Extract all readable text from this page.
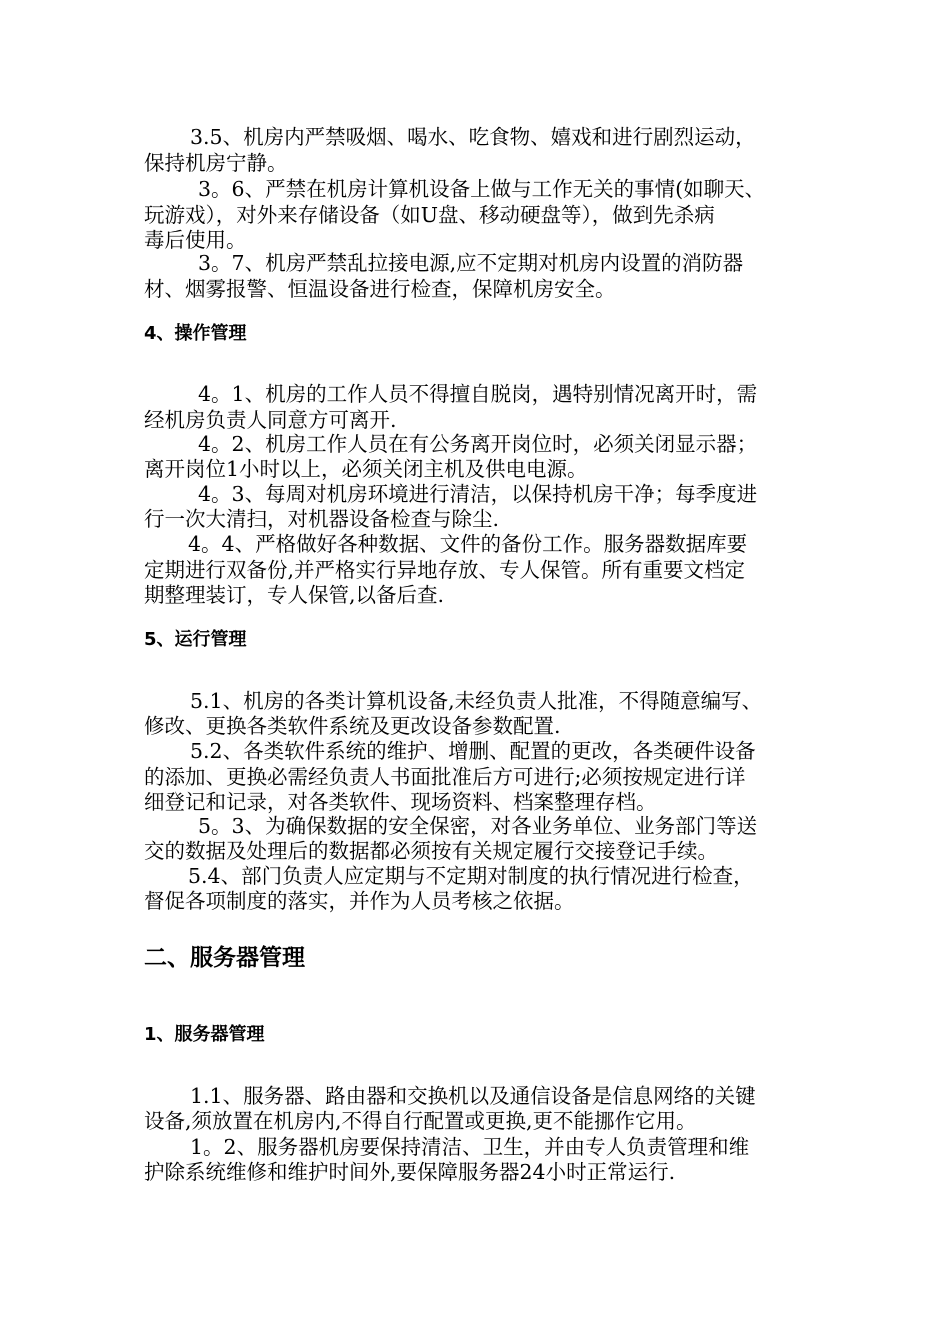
3.5、机房内严禁吸烟、喝水、吃食物、嬉戏和进行剧烈运动，
保持机房宁静。
3。6、严禁在机房计算机设备上做与工作无关的事情(如聊天、
玩游戏），对外来存储设备（如U盘、移动硬盘等），做到先杀病
毒后使用。
3。7、机房严禁乱拉接电源,应不定期对机房内设置的消防器
材、烟雾报警、恒温设备进行检查，保障机房安全。
4、操作管理
4。1、机房的工作人员不得擅自脱岗，遇特别情况离开时，需
经机房负责人同意方可离开.
4。2、机房工作人员在有公务离开岗位时，必须关闭显示器；
离开岗位1小时以上，必须关闭主机及供电电源。
4。3、每周对机房环境进行清洁，以保持机房干净；每季度进
行一次大清扫，对机器设备检查与除尘.
4。4、严格做好各种数据、文件的备份工作。服务器数据库要
定期进行双备份,并严格实行异地存放、专人保管。所有重要文档定
期整理装订，专人保管,以备后查.
5、运行管理
5.1、机房的各类计算机设备,未经负责人批准，不得随意编写、
修改、更换各类软件系统及更改设备参数配置.
5.2、各类软件系统的维护、增删、配置的更改，各类硬件设备
的添加、更换必需经负责人书面批准后方可进行;必须按规定进行详
细登记和记录，对各类软件、现场资料、档案整理存档。
5。3、为确保数据的安全保密，对各业务单位、业务部门等送
交的数据及处理后的数据都必须按有关规定履行交接登记手续。
5.4、部门负责人应定期与不定期对制度的执行情况进行检查，
督促各项制度的落实，并作为人员考核之依据。
二、服务器管理
1、服务器管理
1.1、服务器、路由器和交换机以及通信设备是信息网络的关键
设备,须放置在机房内,不得自行配置或更换,更不能挪作它用。
1。2、服务器机房要保持清洁、卫生，并由专人负责管理和维
护除系统维修和维护时间外,要保障服务器24小时正常运行.
